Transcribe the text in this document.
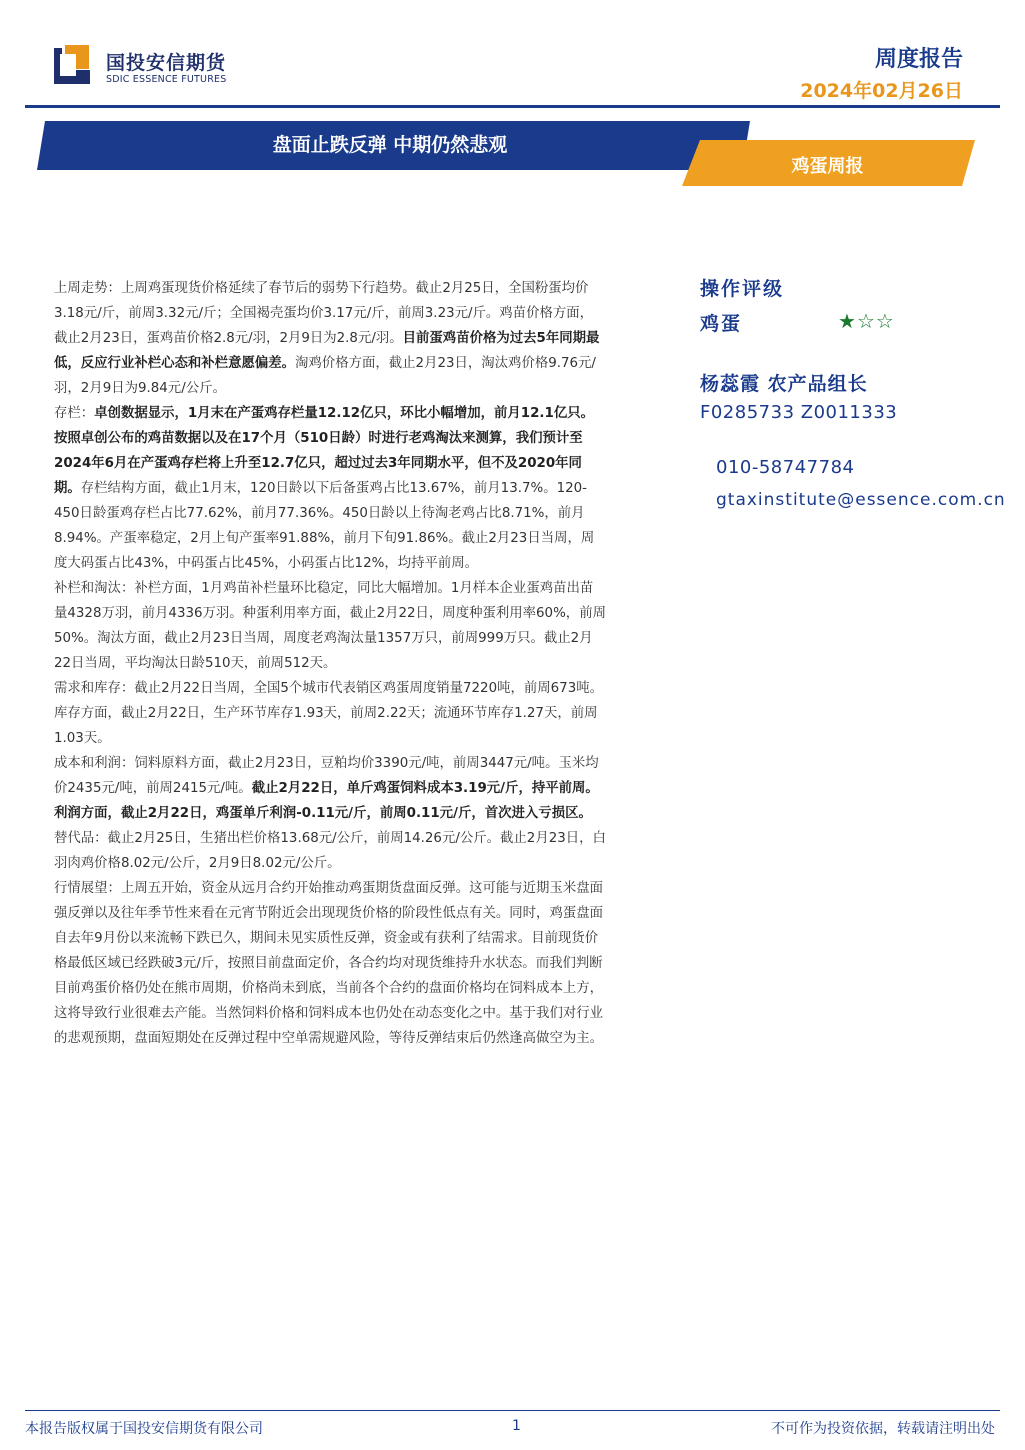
国投安信期货
SDIC ESSENCE FUTURES
周度报告
2024年02月26日
盘面止跌反弹 中期仍然悲观
鸡蛋周报

上周走势：上周鸡蛋现货价格延续了春节后的弱势下行趋势。截止2月25日，全国粉蛋均价3.18元/斤，前周3.32元/斤；全国褐壳蛋均价3.17元/斤，前周3.23元/斤。鸡苗价格方面，截止2月23日，蛋鸡苗价格2.8元/羽，2月9日为2.8元/羽。目前蛋鸡苗价格为过去5年同期最低，反应行业补栏心态和补栏意愿偏差。淘鸡价格方面，截止2月23日，淘汰鸡价格9.76元/羽，2月9日为9.84元/公斤。

存栏：卓创数据显示，1月末在产蛋鸡存栏量12.12亿只，环比小幅增加，前月12.1亿只。按照卓创公布的鸡苗数据以及在17个月（510日龄）时进行老鸡淘汰来测算，我们预计至2024年6月在产蛋鸡存栏将上升至12.7亿只，超过过去3年同期水平，但不及2020年同期。存栏结构方面，截止1月末，120日龄以下后备蛋鸡占比13.67%，前月13.7%。120-450日龄蛋鸡存栏占比77.62%，前月77.36%。450日龄以上待淘老鸡占比8.71%，前月8.94%。产蛋率稳定，2月上旬产蛋率91.88%，前月下旬91.86%。截止2月23日当周，周度大码蛋占比43%，中码蛋占比45%，小码蛋占比12%，均持平前周。

补栏和淘汰：补栏方面，1月鸡苗补栏量环比稳定，同比大幅增加。1月样本企业蛋鸡苗出苗量4328万羽，前月4336万羽。种蛋利用率方面，截止2月22日，周度种蛋利用率60%，前周50%。淘汰方面，截止2月23日当周，周度老鸡淘汰量1357万只，前周999万只。截止2月22日当周，平均淘汰日龄510天，前周512天。

需求和库存：截止2月22日当周，全国5个城市代表销区鸡蛋周度销量7220吨，前周673吨。库存方面，截止2月22日，生产环节库存1.93天，前周2.22天；流通环节库存1.27天，前周1.03天。

成本和利润：饲料原料方面，截止2月23日，豆粕均价3390元/吨，前周3447元/吨。玉米均价2435元/吨，前周2415元/吨。截止2月22日，单斤鸡蛋饲料成本3.19元/斤，持平前周。利润方面，截止2月22日，鸡蛋单斤利润-0.11元/斤，前周0.11元/斤，首次进入亏损区。

替代品：截止2月25日，生猪出栏价格13.68元/公斤，前周14.26元/公斤。截止2月23日，白羽肉鸡价格8.02元/公斤，2月9日8.02元/公斤。

行情展望：上周五开始，资金从远月合约开始推动鸡蛋期货盘面反弹。这可能与近期玉米盘面强反弹以及往年季节性来看在元宵节附近会出现现货价格的阶段性低点有关。同时，鸡蛋盘面自去年9月份以来流畅下跌已久，期间未见实质性反弹，资金或有获利了结需求。目前现货价格最低区域已经跌破3元/斤，按照目前盘面定价，各合约均对现货维持升水状态。而我们判断目前鸡蛋价格仍处在熊市周期，价格尚未到底，当前各个合约的盘面价格均在饲料成本上方，这将导致行业很难去产能。当然饲料价格和饲料成本也仍处在动态变化之中。基于我们对行业的悲观预期，盘面短期处在反弹过程中空单需规避风险，等待反弹结束后仍然逢高做空为主。

操作评级
鸡蛋	★☆☆
杨蕊霞 农产品组长
F0285733 Z0011333
010-58747784
gtaxinstitute@essence.com.cn
本报告版权属于国投安信期货有限公司	1	不可作为投资依据，转载请注明出处
